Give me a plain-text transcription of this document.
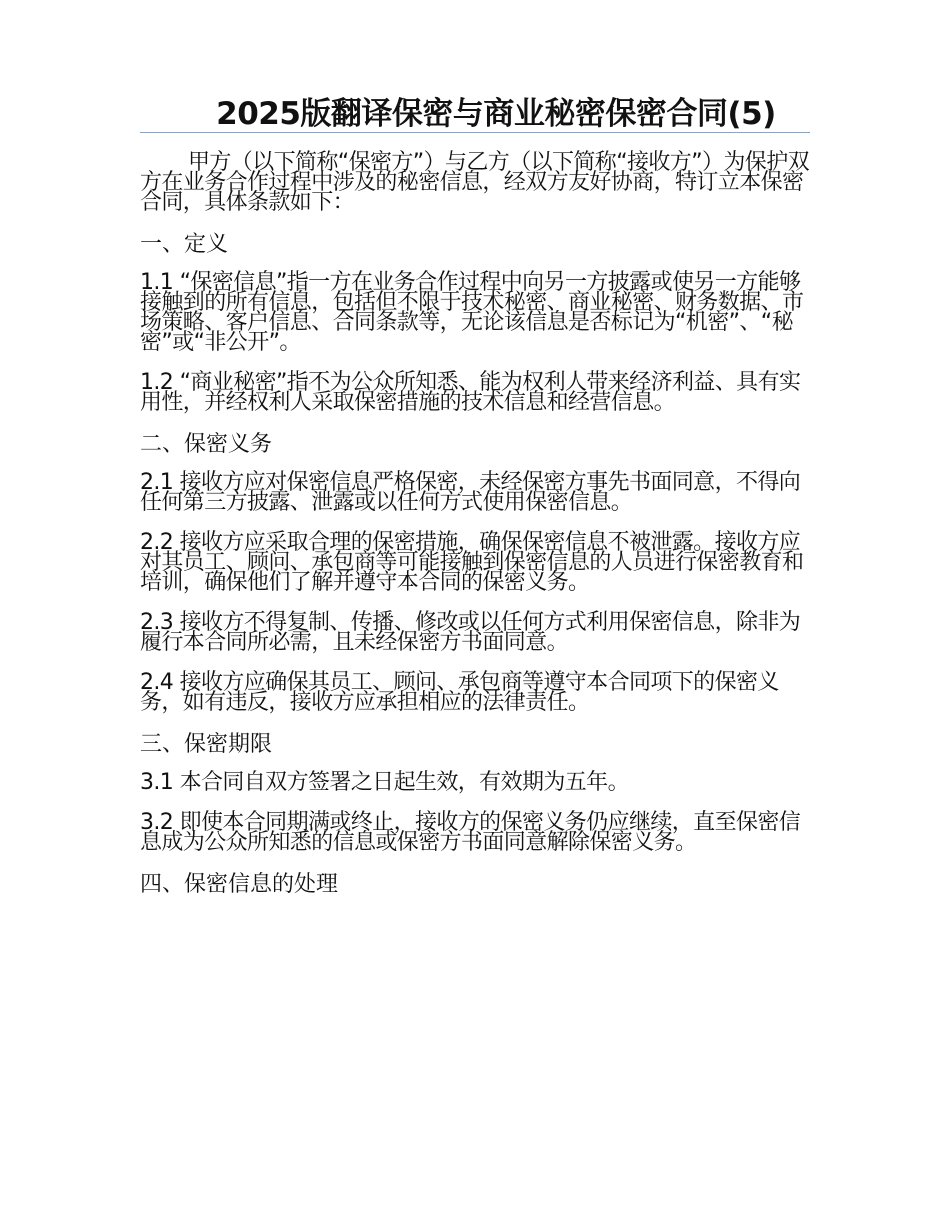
2025版翻译保密与商业秘密保密合同(5)

甲方（以下简称“保密方”）与乙方（以下简称“接收方”）为保护双方在业务合作过程中涉及的秘密信息，经双方友好协商，特订立本保密合同，具体条款如下：

一、定义

1.1 “保密信息”指一方在业务合作过程中向另一方披露或使另一方能够接触到的所有信息，包括但不限于技术秘密、商业秘密、财务数据、市场策略、客户信息、合同条款等，无论该信息是否标记为“机密”、“秘密”或“非公开”。

1.2 “商业秘密”指不为公众所知悉、能为权利人带来经济利益、具有实用性，并经权利人采取保密措施的技术信息和经营信息。

二、保密义务

2.1 接收方应对保密信息严格保密，未经保密方事先书面同意，不得向任何第三方披露、泄露或以任何方式使用保密信息。

2.2 接收方应采取合理的保密措施，确保保密信息不被泄露。接收方应对其员工、顾问、承包商等可能接触到保密信息的人员进行保密教育和培训，确保他们了解并遵守本合同的保密义务。

2.3 接收方不得复制、传播、修改或以任何方式利用保密信息，除非为履行本合同所必需，且未经保密方书面同意。

2.4 接收方应确保其员工、顾问、承包商等遵守本合同项下的保密义务，如有违反，接收方应承担相应的法律责任。

三、保密期限

3.1 本合同自双方签署之日起生效，有效期为五年。

3.2 即使本合同期满或终止，接收方的保密义务仍应继续，直至保密信息成为公众所知悉的信息或保密方书面同意解除保密义务。

四、保密信息的处理
